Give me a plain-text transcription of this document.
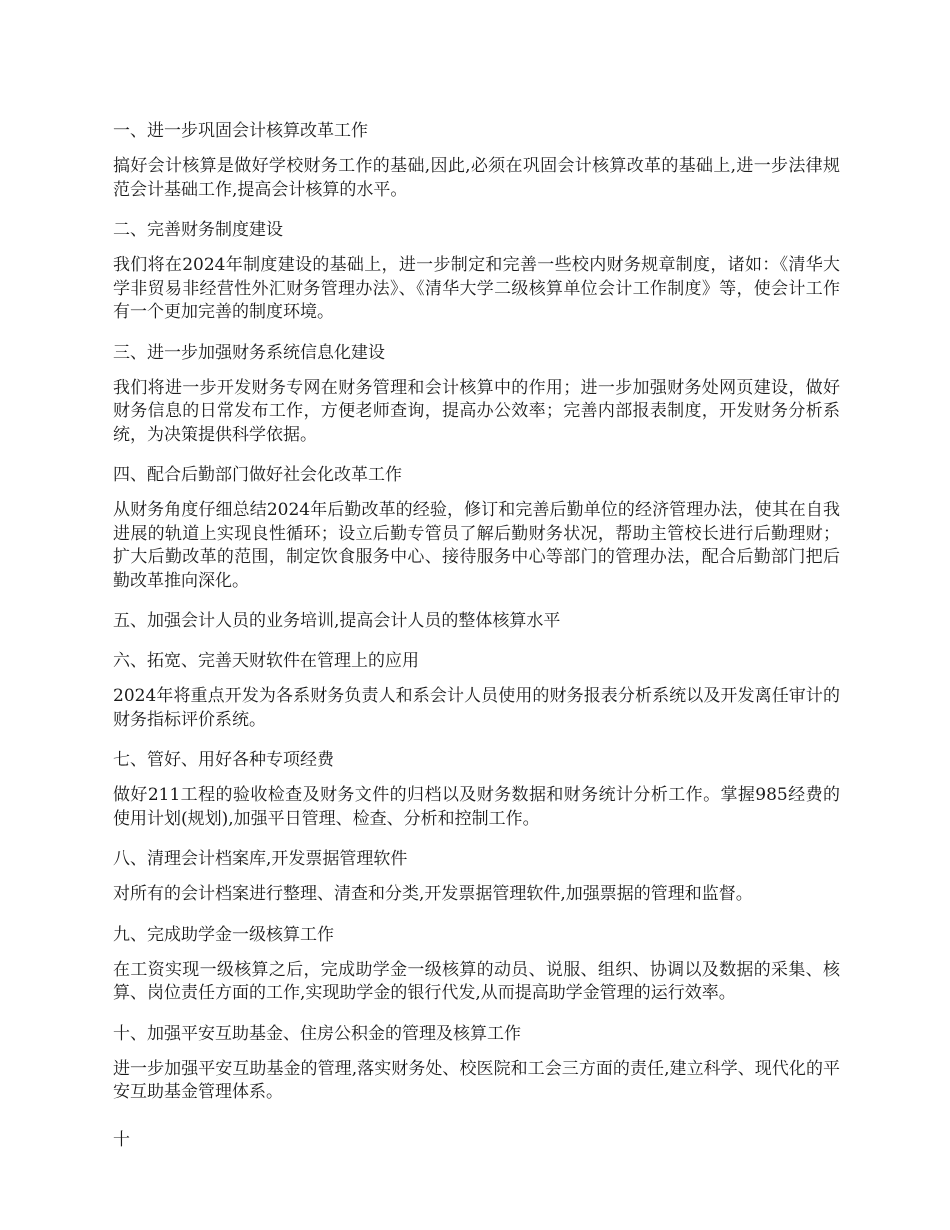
一、进一步巩固会计核算改革工作
搞好会计核算是做好学校财务工作的基础,因此,必须在巩固会计核算改革的基础上,进一步法律规范会计基础工作,提高会计核算的水平。
二、完善财务制度建设
我们将在2024年制度建设的基础上，进一步制定和完善一些校内财务规章制度，诸如：《清华大学非贸易非经营性外汇财务管理办法》、《清华大学二级核算单位会计工作制度》等，使会计工作有一个更加完善的制度环境。
三、进一步加强财务系统信息化建设
我们将进一步开发财务专网在财务管理和会计核算中的作用；进一步加强财务处网页建设，做好财务信息的日常发布工作，方便老师查询，提高办公效率；完善内部报表制度，开发财务分析系统，为决策提供科学依据。
四、配合后勤部门做好社会化改革工作
从财务角度仔细总结2024年后勤改革的经验，修订和完善后勤单位的经济管理办法，使其在自我进展的轨道上实现良性循环；设立后勤专管员了解后勤财务状况，帮助主管校长进行后勤理财；扩大后勤改革的范围，制定饮食服务中心、接待服务中心等部门的管理办法，配合后勤部门把后勤改革推向深化。
五、加强会计人员的业务培训,提高会计人员的整体核算水平
六、拓宽、完善天财软件在管理上的应用
2024年将重点开发为各系财务负责人和系会计人员使用的财务报表分析系统以及开发离任审计的财务指标评价系统。
七、管好、用好各种专项经费
做好211工程的验收检查及财务文件的归档以及财务数据和财务统计分析工作。掌握985经费的使用计划(规划),加强平日管理、检查、分析和控制工作。
八、清理会计档案库,开发票据管理软件
对所有的会计档案进行整理、清查和分类,开发票据管理软件,加强票据的管理和监督。
九、完成助学金一级核算工作
在工资实现一级核算之后，完成助学金一级核算的动员、说服、组织、协调以及数据的采集、核算、岗位责任方面的工作,实现助学金的银行代发,从而提高助学金管理的运行效率。
十、加强平安互助基金、住房公积金的管理及核算工作
进一步加强平安互助基金的管理,落实财务处、校医院和工会三方面的责任,建立科学、现代化的平安互助基金管理体系。
十
